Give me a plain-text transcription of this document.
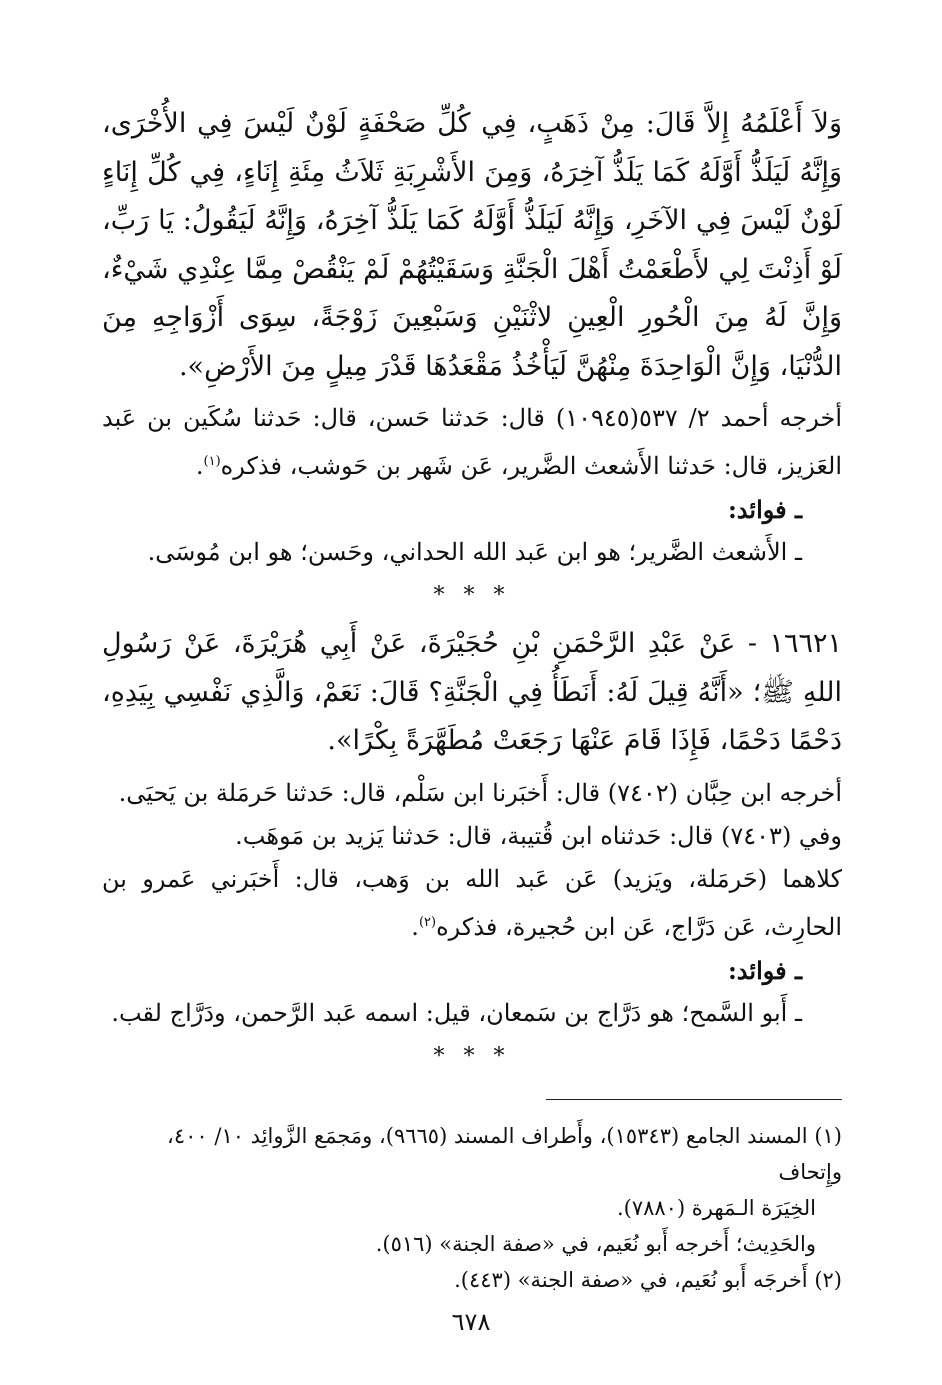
وَلاَ أَعْلَمُهُ إِلاَّ قَالَ: مِنْ ذَهَبٍ، فِي كُلِّ صَحْفَةٍ لَوْنٌ لَيْسَ فِي الأُخْرَى، وَإِنَّهُ لَيَلَذُّ أَوَّلَهُ كَمَا يَلَذُّ آخِرَهُ، وَمِنَ الأَشْرِبَةِ ثَلاَثُ مِئَةِ إِنَاءٍ، فِي كُلِّ إِنَاءٍ لَوْنٌ لَيْسَ فِي الآخَرِ، وَإِنَّهُ لَيَلَذُّ أَوَّلَهُ كَمَا يَلَذُّ آخِرَهُ، وَإِنَّهُ لَيَقُولُ: يَا رَبِّ، لَوْ أَذِنْتَ لِي لأَطْعَمْتُ أَهْلَ الْجَنَّةِ وَسَقَيْتُهُمْ لَمْ يَنْقُصْ مِمَّا عِنْدِي شَيْءٌ، وَإِنَّ لَهُ مِنَ الْحُورِ الْعِينِ لاثْنَيْنِ وَسَبْعِينَ زَوْجَةً، سِوَى أَزْوَاجِهِ مِنَ الدُّنْيَا، وَإِنَّ الْوَاحِدَةَ مِنْهُنَّ لَيَأْخُذُ مَقْعَدُهَا قَدْرَ مِيلٍ مِنَ الأَرْضِ».

أخرجه أحمد ٢/ ٥٣٧(١٠٩٤٥) قال: حَدثنا حَسن، قال: حَدثنا سُكَين بن عَبد العَزيز، قال: حَدثنا الأَشعث الضَّرير، عَن شَهر بن حَوشب، فذكره$^{(١)}$.

ـ فوائد:

ـ الأَشعث الضَّرير؛ هو ابن عَبد الله الحداني، وحَسن؛ هو ابن مُوسَى.

* * *

١٦٦٢١ - عَنْ عَبْدِ الرَّحْمَنِ بْنِ حُجَيْرَةَ، عَنْ أَبِي هُرَيْرَةَ، عَنْ رَسُولِ اللهِ ﷺ؛ «أَنَّهُ قِيلَ لَهُ: أَنَطَأُ فِي الْجَنَّةِ؟ قَالَ: نَعَمْ، وَالَّذِي نَفْسِي بِيَدِهِ، دَحْمًا دَحْمًا، فَإِذَا قَامَ عَنْهَا رَجَعَتْ مُطَهَّرَةً بِكْرًا».

أخرجه ابن حِبَّان (٧٤٠٢) قال: أَخبَرنا ابن سَلْم، قال: حَدثنا حَرمَلة بن يَحيَى.

وفي (٧٤٠٣) قال: حَدثناه ابن قُتيبة، قال: حَدثنا يَزيد بن مَوهَب.

كلاهما (حَرمَلة، ويَزيد) عَن عَبد الله بن وَهب، قال: أَخبَرني عَمرو بن الحارِث، عَن دَرَّاج، عَن ابن حُجيرة، فذكره$^{(٢)}$.

ـ فوائد:

ـ أَبو السَّمح؛ هو دَرَّاج بن سَمعان، قيل: اسمه عَبد الرَّحمن، ودَرَّاج لقب.

* * *

(١) المسند الجامع (١٥٣٤٣)، وأَطراف المسند (٩٦٦٥)، ومَجمَع الزَّوائِد ١٠/ ٤٠٠، وإِتحاف

الخِيَرَة الـمَهرة (٧٨٨٠).

والحَدِيث؛ أَخرجه أَبو نُعَيم، في «صفة الجنة» (٥١٦).

(٢) أَخرجَه أَبو نُعَيم، في «صفة الجنة» (٤٤٣).

٦٧٨
